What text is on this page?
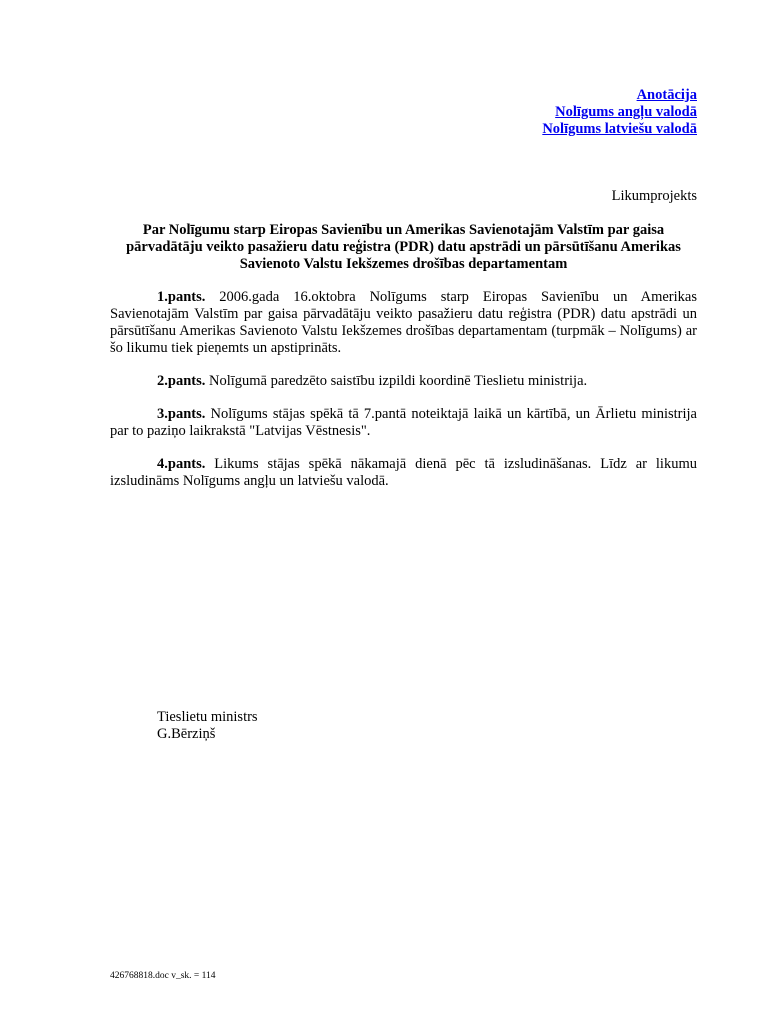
Anotācija
Nolīgums angļu valodā
Nolīgums latviešu valodā
Likumprojekts
Par Nolīgumu starp Eiropas Savienību un Amerikas Savienotajām Valstīm par gaisa pārvadātāju veikto pasažieru datu reģistra (PDR) datu apstrādi un pārsūtīšanu Amerikas Savienoto Valstu Iekšzemes drošības departamentam

1.pants. 2006.gada 16.oktobra Nolīgums starp Eiropas Savienību un Amerikas Savienotajām Valstīm par gaisa pārvadātāju veikto pasažieru datu reģistra (PDR) datu apstrādi un pārsūtīšanu Amerikas Savienoto Valstu Iekšzemes drošības departamentam (turpmāk – Nolīgums) ar šo likumu tiek pieņemts un apstiprināts.

2.pants. Nolīgumā paredzēto saistību izpildi koordinē Tieslietu ministrija.

3.pants. Nolīgums stājas spēkā tā 7.pantā noteiktajā laikā un kārtībā, un Ārlietu ministrija par to paziņo laikrakstā "Latvijas Vēstnesis".

4.pants. Likums stājas spēkā nākamajā dienā pēc tā izsludināšanas. Līdz ar likumu izsludināms Nolīgums angļu un latviešu valodā.

Tieslietu ministrs
G.Bērziņš
426768818.doc v_sk. = 114
